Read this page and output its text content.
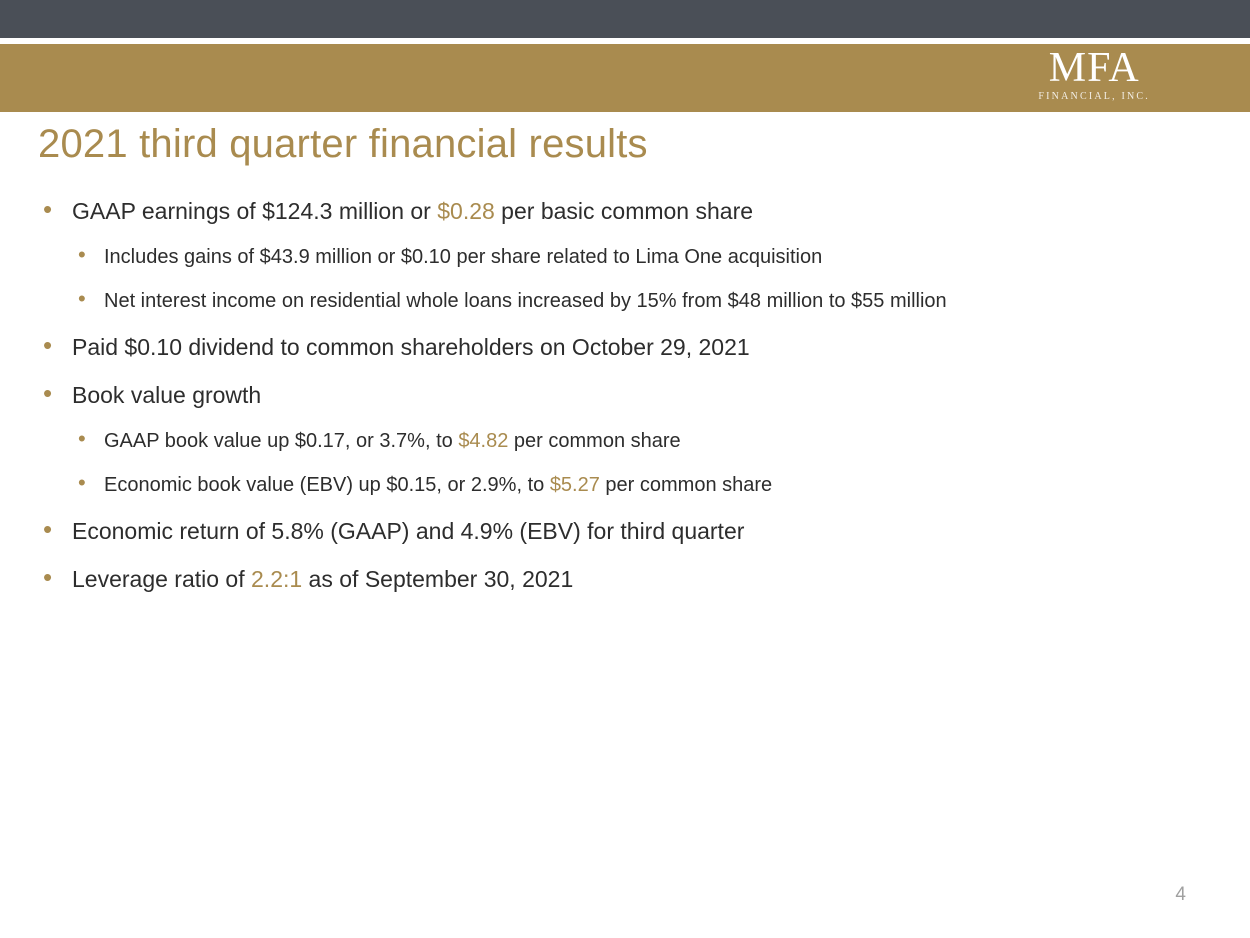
MFA
FINANCIAL, INC.
2021 third quarter financial results
• GAAP earnings of $124.3 million or $0.28 per basic common share
• Includes gains of $43.9 million or $0.10 per share related to Lima One acquisition
• Net interest income on residential whole loans increased by 15% from $48 million to $55 million
• Paid $0.10 dividend to common shareholders on October 29, 2021
• Book value growth
• GAAP book value up $0.17, or 3.7%, to $4.82 per common share
• Economic book value (EBV) up $0.15, or 2.9%, to $5.27 per common share
• Economic return of 5.8% (GAAP) and 4.9% (EBV) for third quarter
• Leverage ratio of 2.2:1 as of September 30, 2021
4
